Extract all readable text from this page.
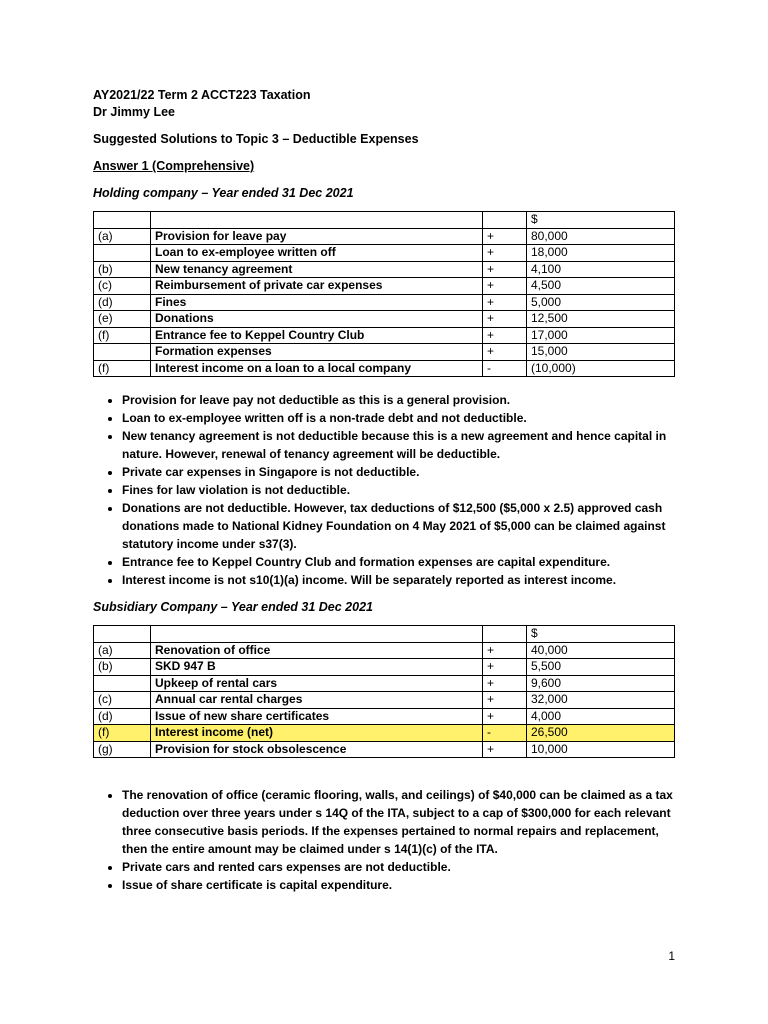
AY2021/22 Term 2 ACCT223 Taxation

Dr Jimmy Lee

Suggested Solutions to Topic 3 – Deductible Expenses

Answer 1 (Comprehensive)

Holding company – Year ended 31 Dec 2021

			$
(a)	Provision for leave pay	+	80,000
	Loan to ex-employee written off	+	18,000
(b)	New tenancy agreement	+	4,100
(c)	Reimbursement of private car expenses	+	4,500
(d)	Fines	+	5,000
(e)	Donations	+	12,500
(f)	Entrance fee to Keppel Country Club	+	17,000
	Formation expenses	+	15,000
(f)	Interest income on a loan to a local company	-	(10,000)
• Provision for leave pay not deductible as this is a general provision.
• Loan to ex-employee written off is a non-trade debt and not deductible.
• New tenancy agreement is not deductible because this is a new agreement and hence capital in nature. However, renewal of tenancy agreement will be deductible.
• Private car expenses in Singapore is not deductible.
• Fines for law violation is not deductible.
• Donations are not deductible. However, tax deductions of $12,500 ($5,000 x 2.5) approved cash donations made to National Kidney Foundation on 4 May 2021 of $5,000 can be claimed against statutory income under s37(3).
• Entrance fee to Keppel Country Club and formation expenses are capital expenditure.
• Interest income is not s10(1)(a) income. Will be separately reported as interest income.

Subsidiary Company – Year ended 31 Dec 2021

			$
(a)	Renovation of office	+	40,000
(b)	SKD 947 B	+	5,500
	Upkeep of rental cars	+	9,600
(c)	Annual car rental charges	+	32,000
(d)	Issue of new share certificates	+	4,000
(f)	Interest income (net)	-	26,500
(g)	Provision for stock obsolescence	+	10,000
• The renovation of office (ceramic flooring, walls, and ceilings) of $40,000 can be claimed as a tax deduction over three years under s 14Q of the ITA, subject to a cap of $300,000 for each relevant three consecutive basis periods. If the expenses pertained to normal repairs and replacement, then the entire amount may be claimed under s 14(1)(c) of the ITA.
• Private cars and rented cars expenses are not deductible.
• Issue of share certificate is capital expenditure.
1
